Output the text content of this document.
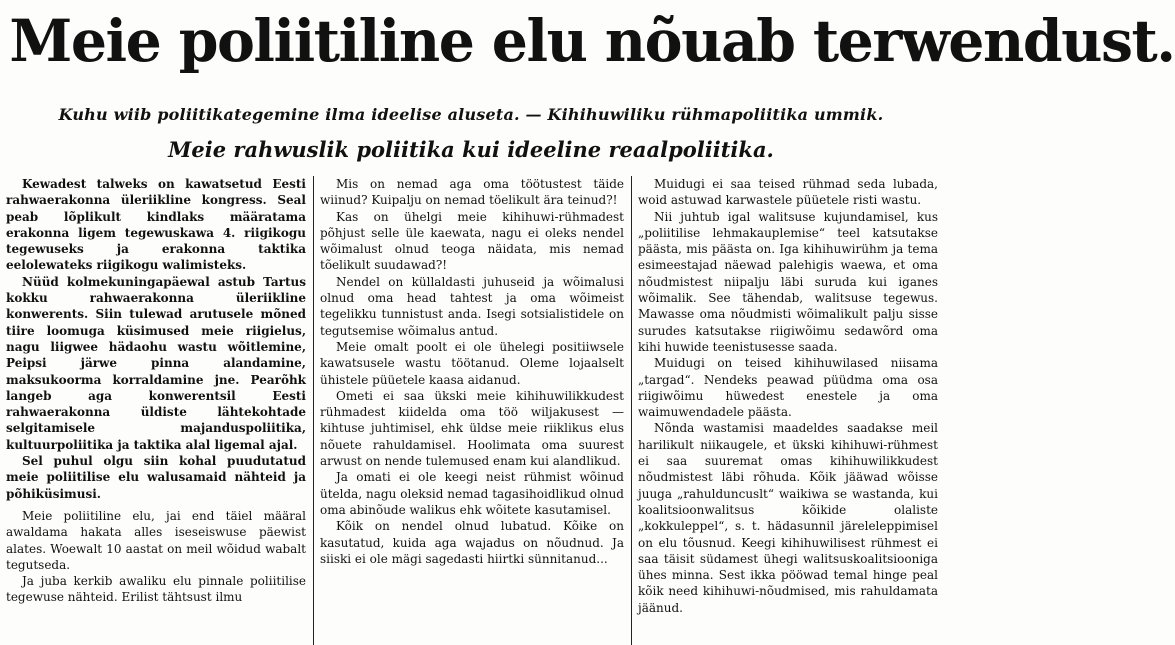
Meie poliitiline elu nõuab terwendust.
Kuhu wiib poliitikategemine ilma ideelise aluseta. — Kihihuwiliku rühmapoliitika ummik.
Meie rahwuslik poliitika kui ideeline reaalpoliitika.

Kewadest talweks on kawatsetud Eesti rahwaerakonna üleriikline kongress. Seal peab lõplikult kindlaks määratama erakonna ligem tegewuskawa 4. riigikogu tegewuseks ja erakonna taktika eelolewateks riigikogu walimisteks.

Nüüd kolmekuningapäewal astub Tartus kokku rahwaerakonna üleriikline konwerents. Siin tulewad arutusele mõned tiire loomuga küsimused meie riigielus, nagu liigwee hädaohu wastu wõitlemine, Peipsi järwe pinna alandamine, maksukoorma korraldamine jne. Pearõhk langeb aga konwerentsil Eesti rahwaerakonna üldiste lähtekohtade selgitamisele majanduspoliitika, kultuurpoliitika ja taktika alal ligemal ajal.

Sel puhul olgu siin kohal puudutatud meie poliitilise elu walusamaid nähteid ja põhiküsimusi.

Meie poliitiline elu, jai end täiel määral awaldama hakata alles iseseiswuse päewist alates. Woewalt 10 aastat on meil wõidud wabalt tegutseda.

Ja juba kerkib awaliku elu pinnale poliitilise tegewuse nähteid. Erilist tähtsust ilmu

Mis on nemad aga oma töötustest täide wiinud? Kuipalju on nemad töelikult ära teinud?!

Kas on ühelgi meie kihihuwi-rühmadest põhjust selle üle kaewata, nagu ei oleks nendel wõimalust olnud teoga näidata, mis nemad tõelikult suudawad?!

Nendel on küllaldasti juhuseid ja wõimalusi olnud oma head tahtest ja oma wõimeist tegelikku tunnistust anda. Isegi sotsialistidele on tegutsemise wõimalus antud.

Meie omalt poolt ei ole ühelegi positiiwsele kawatsusele wastu töötanud. Oleme lojaalselt ühistele püüetele kaasa aidanud.

Ometi ei saa ükski meie kihihuwilikkudest rühmadest kiidelda oma töö wiljakusest — kihtuse juhtimisel, ehk üldse meie riiklikus elus nõuete rahuldamisel. Hoolimata oma suurest arwust on nende tulemused enam kui alandlikud.

Ja omati ei ole keegi neist rühmist wõinud ütelda, nagu oleksid nemad tagasihoidlikud olnud oma abinõude walikus ehk wõitete kasutamisel.

Kõik on nendel olnud lubatud. Kõike on kasutatud, kuida aga wajadus on nõudnud. Ja siiski ei ole mägi sagedasti hiirtki sünnitanud...

Muidugi ei saa teised rühmad seda lubada, woid astuwad karwastele püüetele risti wastu.

Nii juhtub igal walitsuse kujundamisel, kus „poliitilise lehmakauplemise“ teel katsutakse päästa, mis päästa on. Iga kihihuwirühm ja tema esimeestajad näewad palehigis waewa, et oma nõudmistest niipalju läbi suruda kui iganes wõimalik. See tähendab, walitsuse tegewus. Mawasse oma nõudmisti wõimalikult palju sisse surudes katsutakse riigiwõimu sedawõrd oma kihi huwide teenistusesse saada.

Muidugi on teised kihihuwilased niisama „targad“. Nendeks peawad püüdma oma osa riigiwõimu hüwedest enestele ja oma waimuwendadele päästa.

Nõnda wastamisi maadeldes saadakse meil harilikult niikaugele, et ükski kihihuwi-rühmest ei saa suuremat omas kihihuwilikkudest nõudmistest läbi rõhuda. Kõik jääwad wõisse juuga „rahulduncuslt“ waikiwa se wastanda, kui koalitsioonwalitsus kõikide olaliste „kokkuleppel“, s. t. hädasunnil järeleleppimisel on elu tõusnud. Keegi kihihuwilisest rühmest ei saa täisit südamest ühegi walitsuskoalitsiooniga ühes minna. Sest ikka pööwad temal hinge peal kõik need kihihuwi-nõudmised, mis rahuldamata jäänud.
